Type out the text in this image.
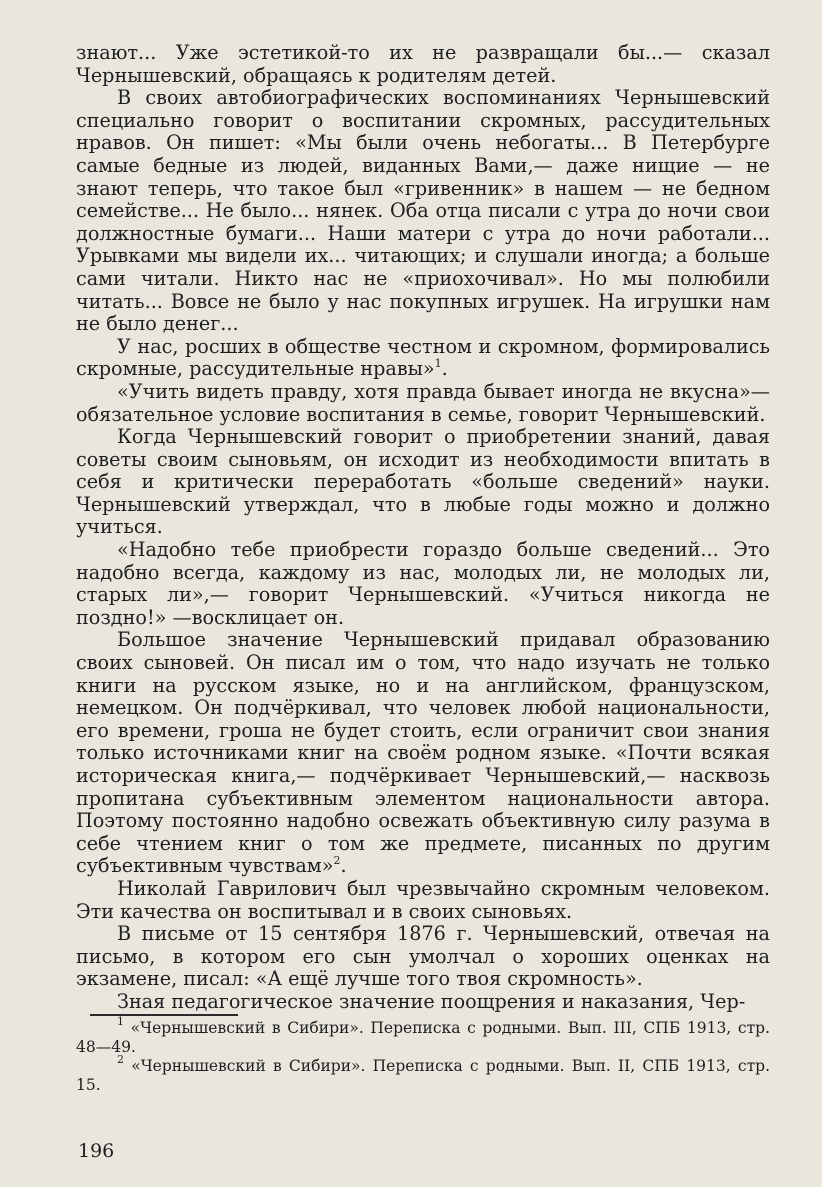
знают... Уже эстетикой-то их не развращали бы...— сказал Чернышевский, обращаясь к родителям детей.

В своих автобиографических воспоминаниях Чернышевский специально говорит о воспитании скромных, рассудительных нравов. Он пишет: «Мы были очень небогаты... В Петербурге самые бедные из людей, виданных Вами,— даже нищие — не знают теперь, что такое был «гривенник» в нашем — не бедном семействе... Не было... нянек. Оба отца писали с утра до ночи свои должностные бумаги... Наши матери с утра до ночи работали... Урывками мы видели их... читающих; и слушали иногда; а больше сами читали. Никто нас не «приохочивал». Но мы полюбили читать... Вовсе не было у нас покупных игрушек. На игрушки нам не было денег...

У нас, росших в обществе честном и скромном, формировались скромные, рассудительные нравы»$^1$.

«Учить видеть правду, хотя правда бывает иногда не вкусна»— обязательное условие воспитания в семье, говорит Чернышевский.

Когда Чернышевский говорит о приобретении знаний, давая советы своим сыновьям, он исходит из необходимости впитать в себя и критически переработать «больше сведений» науки. Чернышевский утверждал, что в любые годы можно и должно учиться.

«Надобно тебе приобрести гораздо больше сведений... Это надобно всегда, каждому из нас, молодых ли, не молодых ли, старых ли»,— говорит Чернышевский. «Учиться никогда не поздно!» —восклицает он.

Большое значение Чернышевский придавал образованию своих сыновей. Он писал им о том, что надо изучать не только книги на русском языке, но и на английском, французском, немецком. Он подчёркивал, что человек любой национальности, его времени, гроша не будет стоить, если ограничит свои знания только источниками книг на своём родном языке. «Почти всякая историческая книга,— подчёркивает Чернышевский,— насквозь пропитана субъективным элементом национальности автора. Поэтому постоянно надобно освежать объективную силу разума в себе чтением книг о том же предмете, писанных по другим субъективным чувствам»$^2$.

Николай Гаврилович был чрезвычайно скромным человеком. Эти качества он воспитывал и в своих сыновьях.

В письме от 15 сентября 1876 г. Чернышевский, отвечая на письмо, в котором его сын умолчал о хороших оценках на экзамене, писал: «А ещё лучше того твоя скромность».

Зная педагогическое значение поощрения и наказания, Чер-

$^1$ «Чернышевский в Сибири». Переписка с родными. Вып. III, СПБ 1913, стр. 48—49.

$^2$ «Чернышевский в Сибири». Переписка с родными. Вып. II, СПБ 1913, стр. 15.

196
